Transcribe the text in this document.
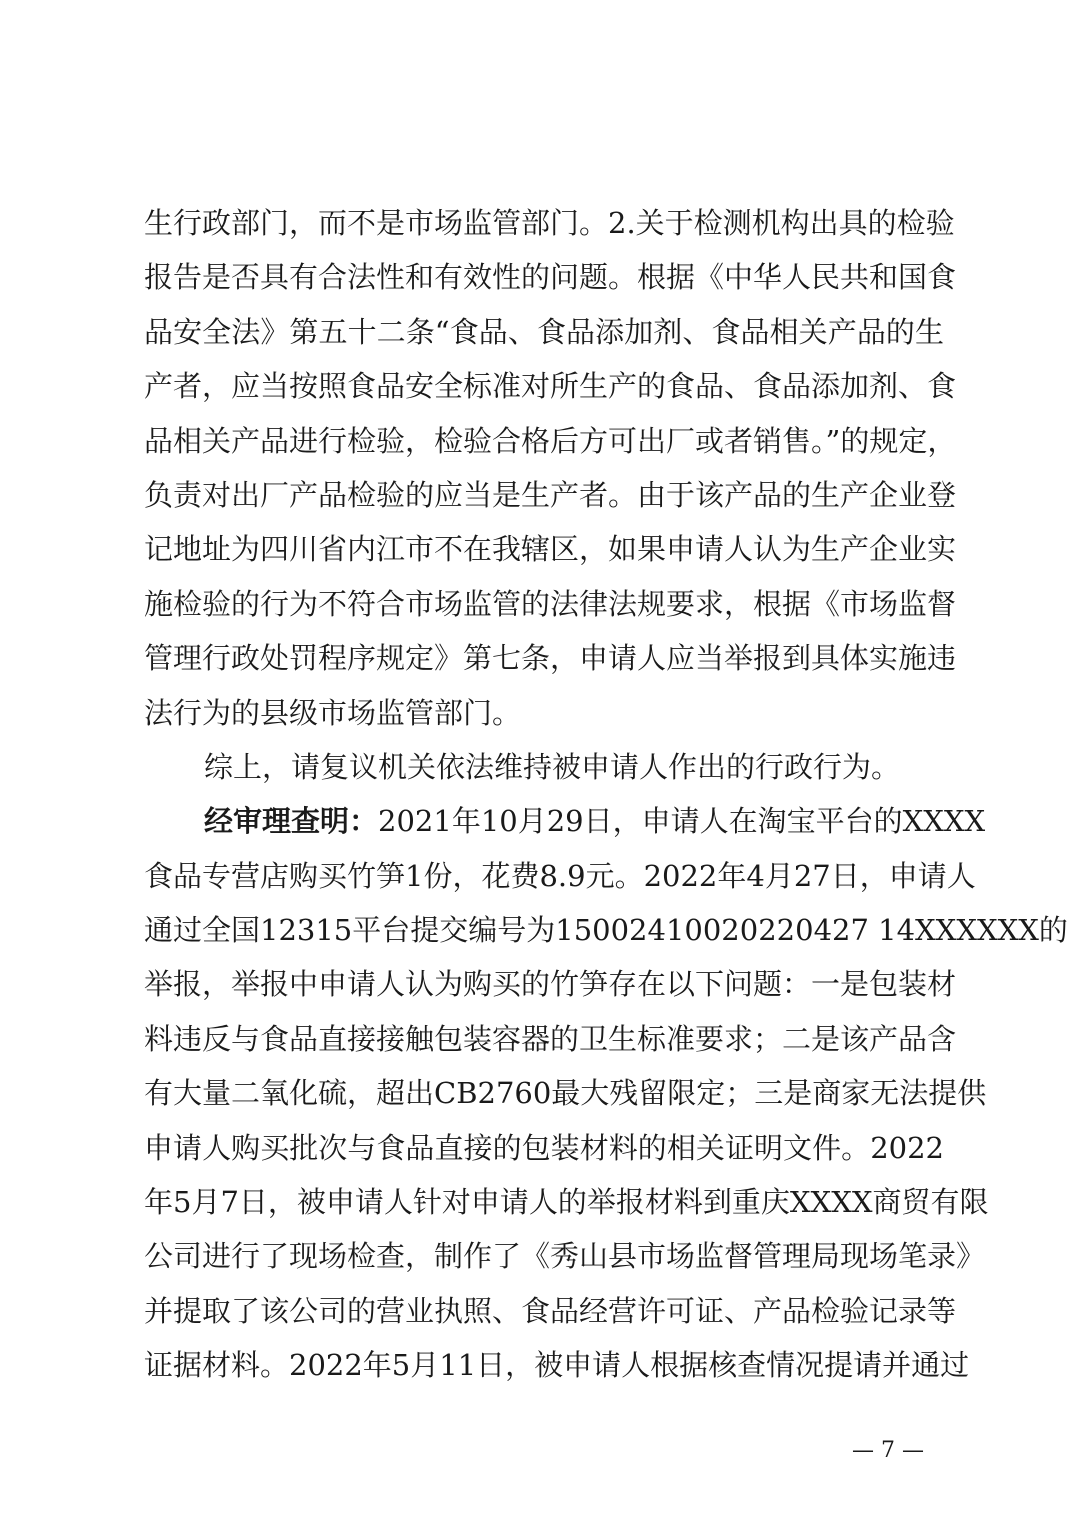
生行政部门，而不是市场监管部门。2.关于检测机构出具的检验
报告是否具有合法性和有效性的问题。根据《中华人民共和国食
品安全法》第五十二条“食品、食品添加剂、食品相关产品的生
产者，应当按照食品安全标准对所生产的食品、食品添加剂、食
品相关产品进行检验，检验合格后方可出厂或者销售。”的规定，
负责对出厂产品检验的应当是生产者。由于该产品的生产企业登
记地址为四川省内江市不在我辖区，如果申请人认为生产企业实
施检验的行为不符合市场监管的法律法规要求，根据《市场监督
管理行政处罚程序规定》第七条，申请人应当举报到具体实施违
法行为的县级市场监管部门。
综上，请复议机关依法维持被申请人作出的行政行为。
经审理查明：2021年10月29日，申请人在淘宝平台的XXXX
食品专营店购买竹笋1份，花费8.9元。2022年4月27日，申请人
通过全国12315平台提交编号为15002410020220427 14XXXXXX的
举报，举报中申请人认为购买的竹笋存在以下问题：一是包装材
料违反与食品直接接触包装容器的卫生标准要求；二是该产品含
有大量二氧化硫，超出CB2760最大残留限定；三是商家无法提供
申请人购买批次与食品直接的包装材料的相关证明文件。2022
年5月7日，被申请人针对申请人的举报材料到重庆XXXX商贸有限
公司进行了现场检查，制作了《秀山县市场监督管理局现场笔录》
并提取了该公司的营业执照、食品经营许可证、产品检验记录等
证据材料。2022年5月11日，被申请人根据核查情况提请并通过
— 7 —
